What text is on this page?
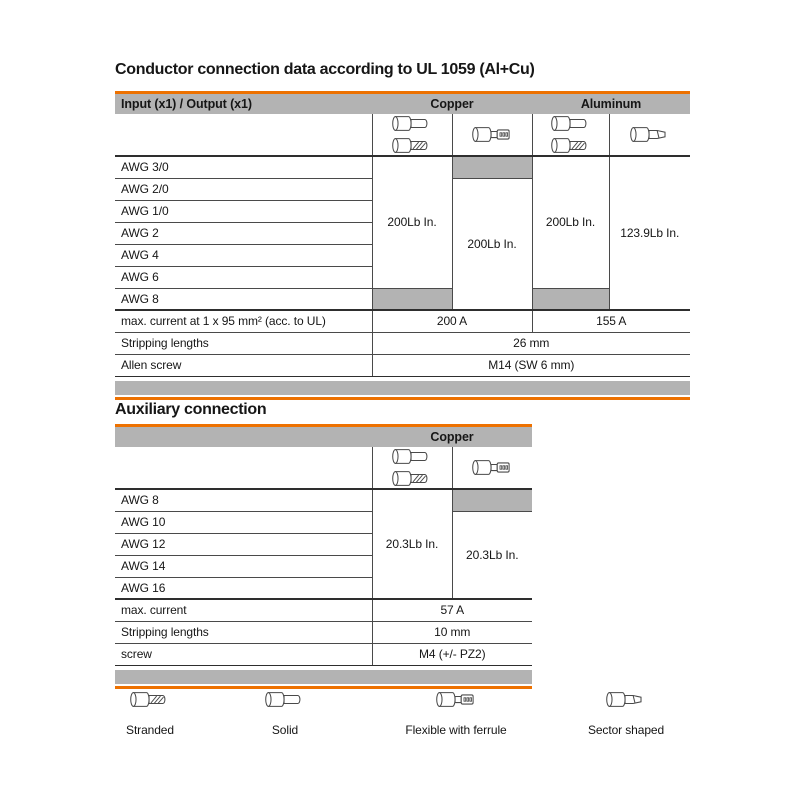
Conductor connection data according to UL 1059 (Al+Cu)
Input (x1) / Output (x1)	Copper		Aluminum	

AWG 3/0	200Lb In.		200Lb In.	123.9Lb In.
AWG 2/0		200Lb In.		
AWG 1/0				
AWG 2				
AWG 4				
AWG 6				
AWG 8				
max. current at 1 x 95 mm² (acc. to UL)	200 A		155 A	
Stripping lengths	26 mm			
Allen screw	M14 (SW 6 mm)			
Auxiliary connection
	Copper	

AWG 8	20.3Lb In.	
AWG 10		20.3Lb In.
AWG 12		
AWG 14		
AWG 16		
max. current	57 A	
Stripping lengths	10 mm	
screw	M4 (+/- PZ2)	
Stranded	Solid	Flexible with ferrule	Sector shaped
